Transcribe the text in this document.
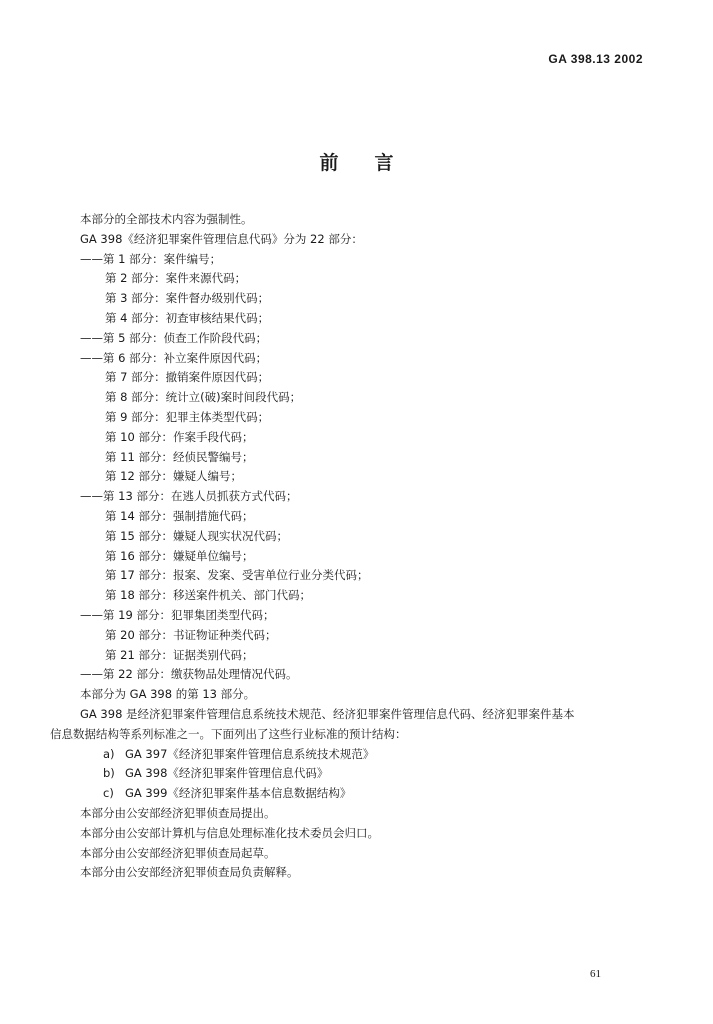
GA 398.13 2002
前言
本部分的全部技术内容为强制性。
GA 398《经济犯罪案件管理信息代码》分为 22 部分：
——第 1 部分：案件编号；
第 2 部分：案件来源代码；
第 3 部分：案件督办级别代码；
第 4 部分：初查审核结果代码；
——第 5 部分：侦查工作阶段代码；
——第 6 部分：补立案件原因代码；
第 7 部分：撤销案件原因代码；
第 8 部分：统计立(破)案时间段代码；
第 9 部分：犯罪主体类型代码；
第 10 部分：作案手段代码；
第 11 部分：经侦民警编号；
第 12 部分：嫌疑人编号；
——第 13 部分：在逃人员抓获方式代码；
第 14 部分：强制措施代码；
第 15 部分：嫌疑人现实状况代码；
第 16 部分：嫌疑单位编号；
第 17 部分：报案、发案、受害单位行业分类代码；
第 18 部分：移送案件机关、部门代码；
——第 19 部分：犯罪集团类型代码；
第 20 部分：书证物证种类代码；
第 21 部分：证据类别代码；
——第 22 部分：缴获物品处理情况代码。
本部分为 GA 398 的第 13 部分。
GA 398 是经济犯罪案件管理信息系统技术规范、经济犯罪案件管理信息代码、经济犯罪案件基本
信息数据结构等系列标准之一。下面列出了这些行业标准的预计结构：
a) GA 397《经济犯罪案件管理信息系统技术规范》
b) GA 398《经济犯罪案件管理信息代码》
c) GA 399《经济犯罪案件基本信息数据结构》
本部分由公安部经济犯罪侦查局提出。
本部分由公安部计算机与信息处理标准化技术委员会归口。
本部分由公安部经济犯罪侦查局起草。
本部分由公安部经济犯罪侦查局负责解释。
61
